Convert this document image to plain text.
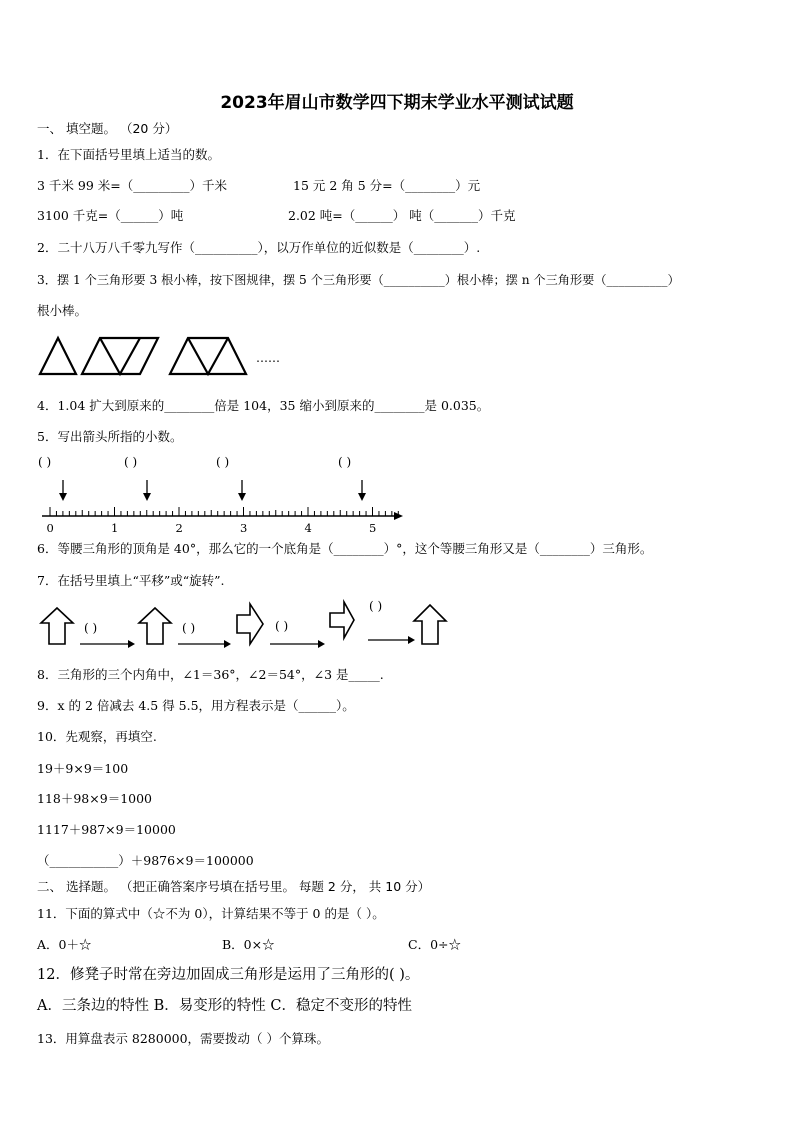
2023年眉山市数学四下期末学业水平测试试题
一、 填空题。 （20 分）
1．在下面括号里填上适当的数。
3 千米 99 米=（_________）千米	15 元 2 角 5 分=（________）元
3100 千克=（______）吨	2.02 吨=（______） 吨（_______）千克
2．二十八万八千零九写作（__________），以万作单位的近似数是（________）.
3．摆 1 个三角形要 3 根小棒，按下图规律，摆 5 个三角形要（__________）根小棒；摆 n 个三角形要（__________）
根小棒。
……
4．1.04 扩大到原来的________倍是 104，35 缩小到原来的________是 0.035。
5．写出箭头所指的小数。
( )	( )	( )	( )
0	1	2	3	4	5
6．等腰三角形的顶角是 40°，那么它的一个底角是（________）°，这个等腰三角形又是（________）三角形。
7．在括号里填上“平移”或“旋转”.
( )	( )	( )
( )
8．三角形的三个内角中，∠1＝36°，∠2＝54°，∠3 是_____.
9．x 的 2 倍减去 4.5 得 5.5，用方程表示是（______）。
10．先观察，再填空.
19＋9×9＝100
118＋98×9＝1000
1117＋987×9＝10000
（___________）＋9876×9＝100000
二、 选择题。 （把正确答案序号填在括号里。 每题 2 分， 共 10 分）
11．下面的算式中（☆不为 0），计算结果不等于 0 的是（ ）。
A．0＋☆	B．0×☆	C．0÷☆
12．修凳子时常在旁边加固成三角形是运用了三角形的( )。
A．三条边的特性 B．易变形的特性 C．稳定不变形的特性
13．用算盘表示 8280000，需要拨动（ ）个算珠。
